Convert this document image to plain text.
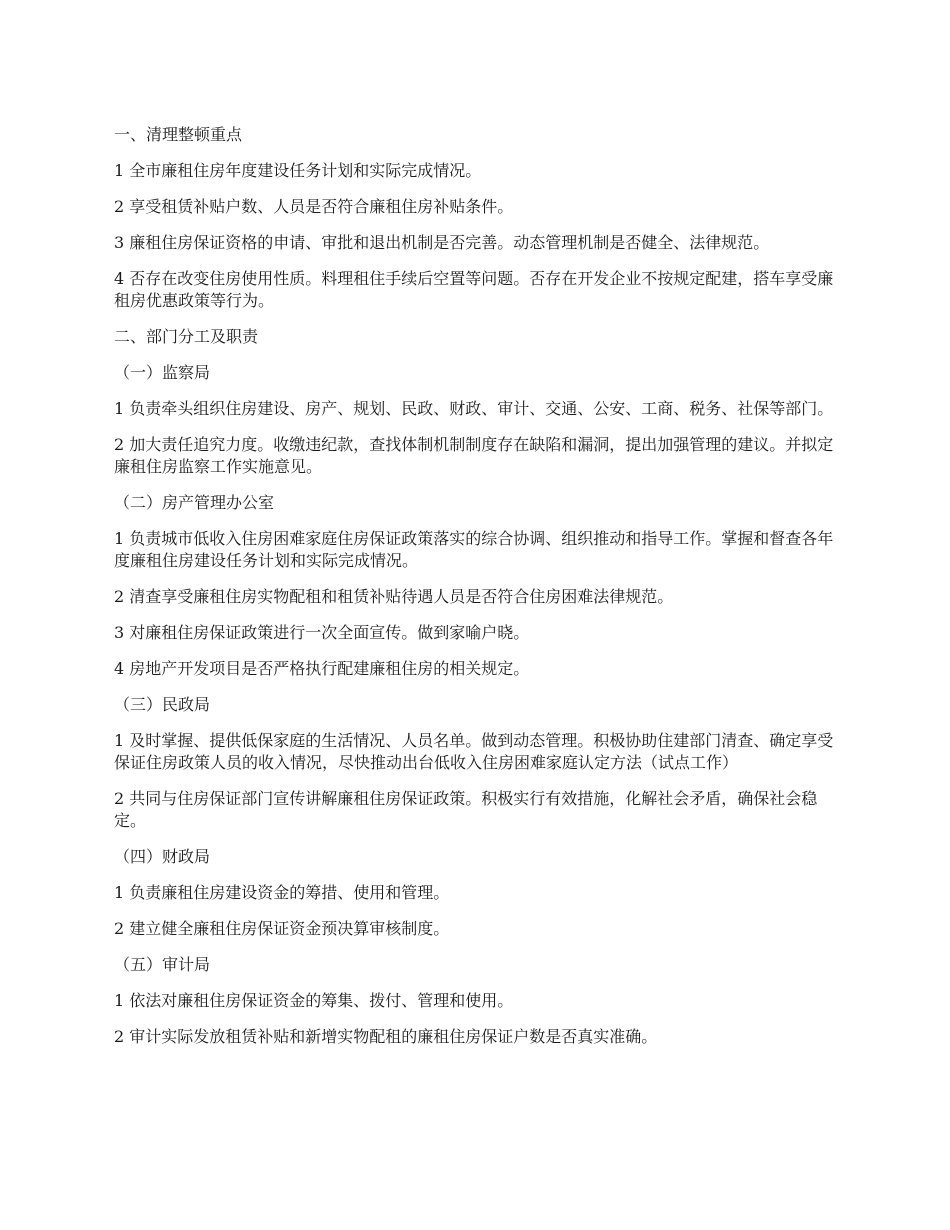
一、清理整顿重点

1 全市廉租住房年度建设任务计划和实际完成情况。

2 享受租赁补贴户数、人员是否符合廉租住房补贴条件。

3 廉租住房保证资格的申请、审批和退出机制是否完善。动态管理机制是否健全、法律规范。

4 否存在改变住房使用性质。料理租住手续后空置等问题。否存在开发企业不按规定配建，搭车享受廉租房优惠政策等行为。

二、部门分工及职责

（一）监察局

1 负责牵头组织住房建设、房产、规划、民政、财政、审计、交通、公安、工商、税务、社保等部门。

2 加大责任追究力度。收缴违纪款，查找体制机制制度存在缺陷和漏洞，提出加强管理的建议。并拟定廉租住房监察工作实施意见。

（二）房产管理办公室

1 负责城市低收入住房困难家庭住房保证政策落实的综合协调、组织推动和指导工作。掌握和督查各年度廉租住房建设任务计划和实际完成情况。

2 清查享受廉租住房实物配租和租赁补贴待遇人员是否符合住房困难法律规范。

3 对廉租住房保证政策进行一次全面宣传。做到家喻户晓。

4 房地产开发项目是否严格执行配建廉租住房的相关规定。

（三）民政局

1 及时掌握、提供低保家庭的生活情况、人员名单。做到动态管理。积极协助住建部门清查、确定享受保证住房政策人员的收入情况，尽快推动出台低收入住房困难家庭认定方法（试点工作）

2 共同与住房保证部门宣传讲解廉租住房保证政策。积极实行有效措施，化解社会矛盾，确保社会稳定。

（四）财政局

1 负责廉租住房建设资金的筹措、使用和管理。

2 建立健全廉租住房保证资金预决算审核制度。

（五）审计局

1 依法对廉租住房保证资金的筹集、拨付、管理和使用。

2 审计实际发放租赁补贴和新增实物配租的廉租住房保证户数是否真实准确。
